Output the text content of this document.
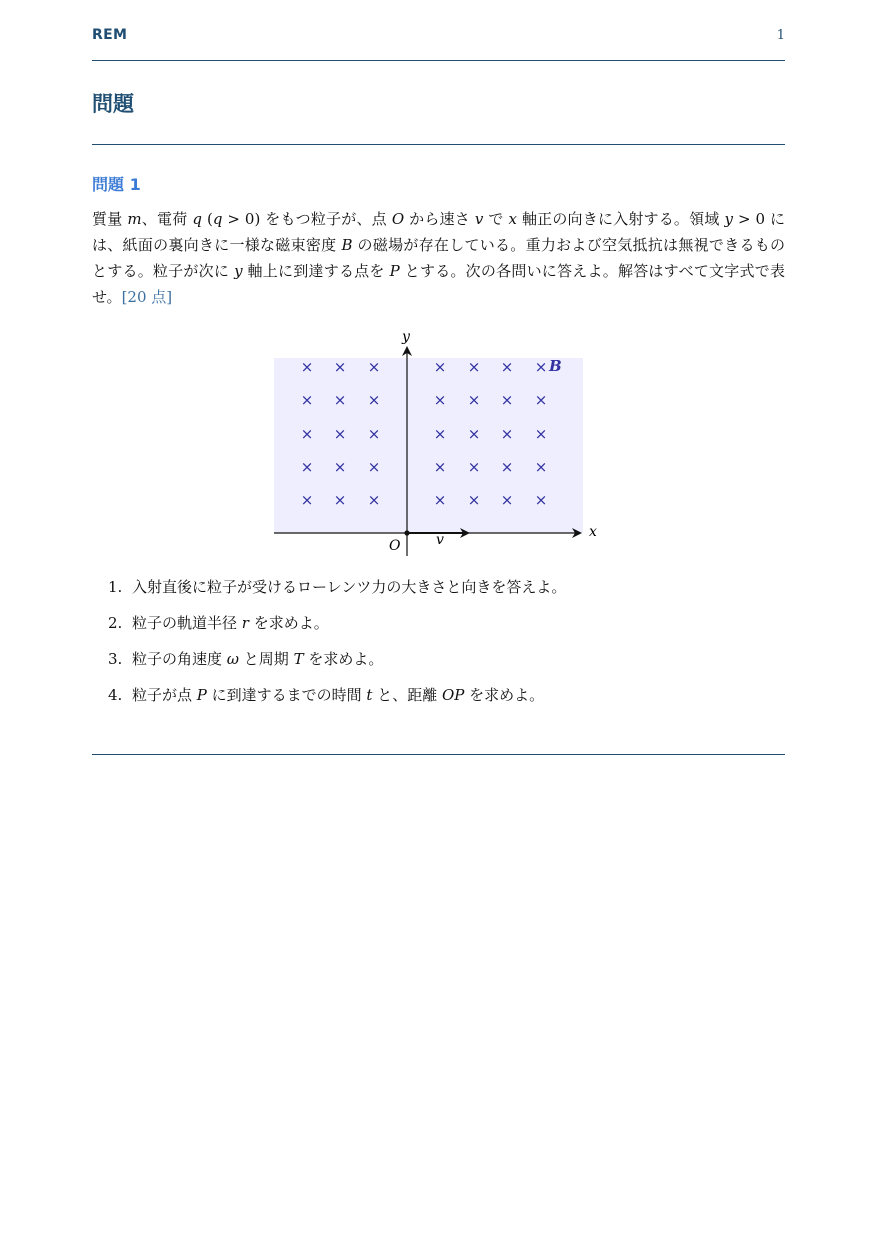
REM	1
問題
問題 1
質量 m、電荷 q (q > 0) をもつ粒子が、点 O から速さ v で x 軸正の向きに入射する。領域 y > 0 には、紙面の裏向きに一様な磁束密度 B の磁場が存在している。重力および空気抵抗は無視できるものとする。粒子が次に y 軸上に到達する点を P とする。次の各問いに答えよ。解答はすべて文字式で表せ。[20 点]
× × ×	× × × ×
× × ×	× × × ×
× × ×	× × × ×
× × ×	× × × ×
× × ×	× × × ×
y
x
O	v
B
1. 入射直後に粒子が受けるローレンツ力の大きさと向きを答えよ。
2. 粒子の軌道半径 r を求めよ。
3. 粒子の角速度 ω と周期 T を求めよ。
4. 粒子が点 P に到達するまでの時間 t と、距離 OP を求めよ。
